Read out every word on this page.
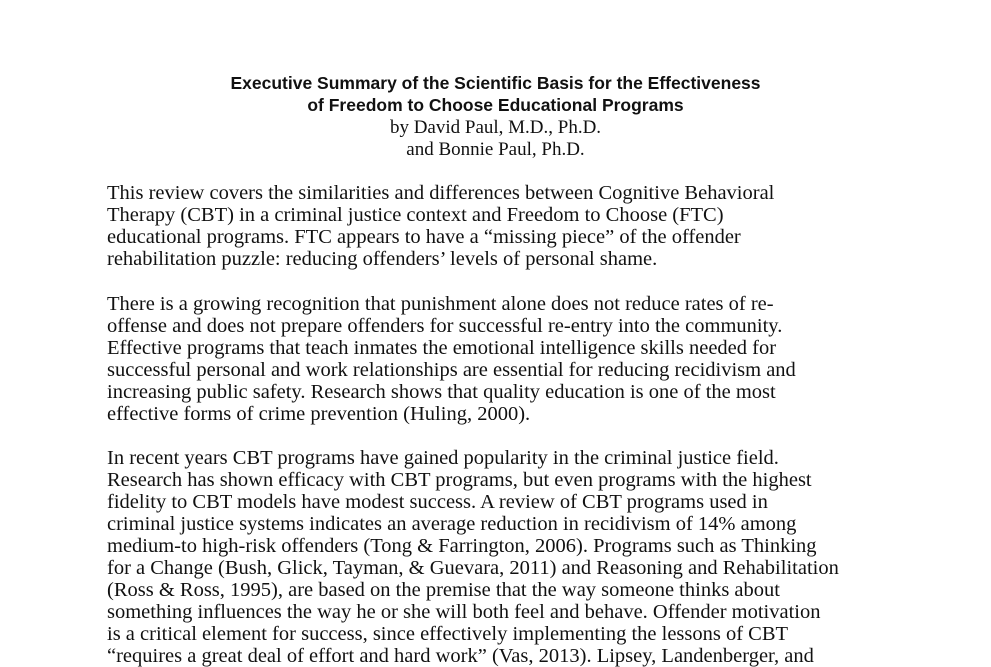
Executive Summary of the Scientific Basis for the Effectiveness
of Freedom to Choose Educational Programs
by David Paul, M.D., Ph.D.
and Bonnie Paul, Ph.D.
This review covers the similarities and differences between Cognitive Behavioral
Therapy (CBT) in a criminal justice context and Freedom to Choose (FTC)
educational programs. FTC appears to have a “missing piece” of the offender
rehabilitation puzzle: reducing offenders’ levels of personal shame.
There is a growing recognition that punishment alone does not reduce rates of re-
offense and does not prepare offenders for successful re-entry into the community.
Effective programs that teach inmates the emotional intelligence skills needed for
successful personal and work relationships are essential for reducing recidivism and
increasing public safety. Research shows that quality education is one of the most
effective forms of crime prevention (Huling, 2000).
In recent years CBT programs have gained popularity in the criminal justice field.
Research has shown efficacy with CBT programs, but even programs with the highest
fidelity to CBT models have modest success. A review of CBT programs used in
criminal justice systems indicates an average reduction in recidivism of 14% among
medium-to high-risk offenders (Tong & Farrington, 2006). Programs such as Thinking
for a Change (Bush, Glick, Tayman, & Guevara, 2011) and Reasoning and Rehabilitation
(Ross & Ross, 1995), are based on the premise that the way someone thinks about
something influences the way he or she will both feel and behave. Offender motivation
is a critical element for success, since effectively implementing the lessons of CBT
“requires a great deal of effort and hard work” (Vas, 2013). Lipsey, Landenberger, and
